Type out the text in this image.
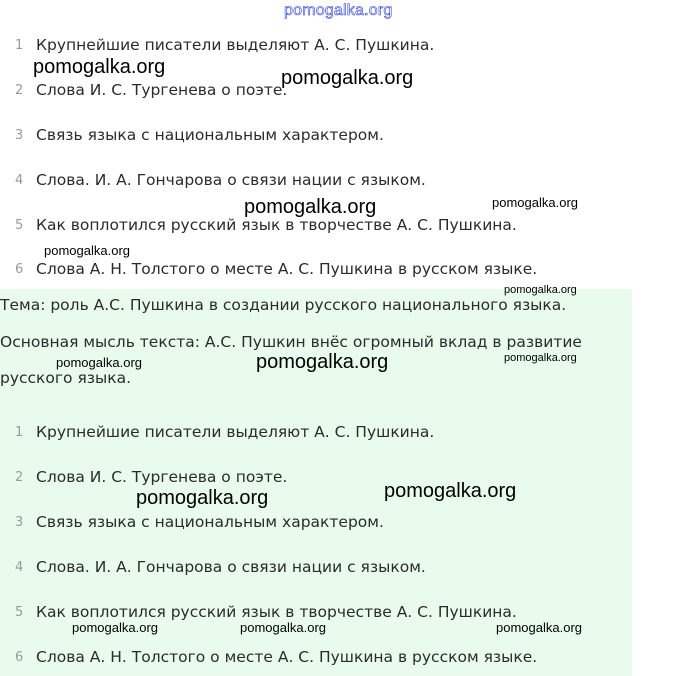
pomogalka.org
1 Крупнейшие писатели выделяют А. С. Пушкина.
2 Слова И. С. Тургенева о поэте.
3 Связь языка с национальным характером.
4 Слова. И. А. Гончарова о связи нации с языком.
5 Как воплотился русский язык в творчестве А. С. Пушкина.
6 Слова А. Н. Толстого о месте А. С. Пушкина в русском языке.
Тема: роль А.С. Пушкина в создании русского национального языка.
Основная мысль текста: А.С. Пушкин внёс огромный вклад в развитие
русского языка.
1 Крупнейшие писатели выделяют А. С. Пушкина.
2 Слова И. С. Тургенева о поэте.
3 Связь языка с национальным характером.
4 Слова. И. А. Гончарова о связи нации с языком.
5 Как воплотился русский язык в творчестве А. С. Пушкина.
6 Слова А. Н. Толстого о месте А. С. Пушкина в русском языке.
pomogalka.org	pomogalka.org
pomogalka.org	pomogalka.org
pomogalka.org
pomogalka.org
pomogalka.org	pomogalka.org	pomogalka.org
pomogalka.org	pomogalka.org
pomogalka.org	pomogalka.org	pomogalka.org
